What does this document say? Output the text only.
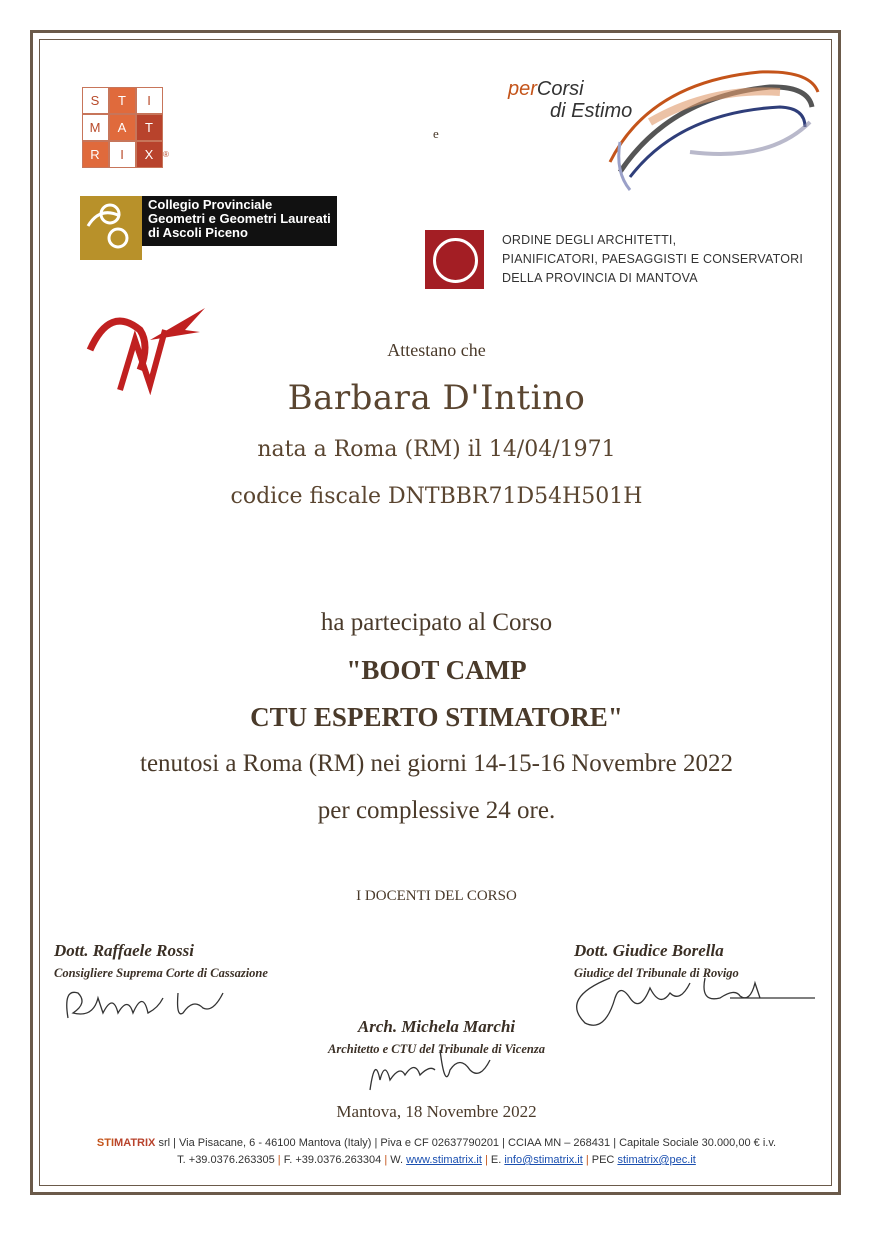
S	T	I
M	A	T
R	I	X	®
e
perCorsi
di Estimo
Collegio Provinciale
Geometri e Geometri Laureati
di Ascoli Piceno	ORDINE DEGLI ARCHITETTI,
PIANIFICATORI, PAESAGGISTI E CONSERVATORI
DELLA PROVINCIA DI MANTOVA
Attestano che
Barbara D'Intino
nata a Roma (RM) il 14/04/1971
codice fiscale DNTBBR71D54H501H
ha partecipato al Corso
"BOOT CAMP
CTU ESPERTO STIMATORE"
tenutosi a Roma (RM) nei giorni 14-15-16 Novembre 2022
per complessive 24 ore.
I DOCENTI DEL CORSO
Dott. Raffaele Rossi
Consigliere Suprema Corte di Cassazione
Dott. Giudice Borella
Giudice del Tribunale di Rovigo
Arch. Michela Marchi
Architetto e CTU del Tribunale di Vicenza
Mantova, 18 Novembre 2022
STIMATRIX srl | Via Pisacane, 6 - 46100 Mantova (Italy) | Piva e CF 02637790201 | CCIAA MN – 268431 | Capitale Sociale 30.000,00 € i.v.
T. +39.0376.263305 | F. +39.0376.263304 | W. www.stimatrix.it | E. info@stimatrix.it | PEC stimatrix@pec.it
